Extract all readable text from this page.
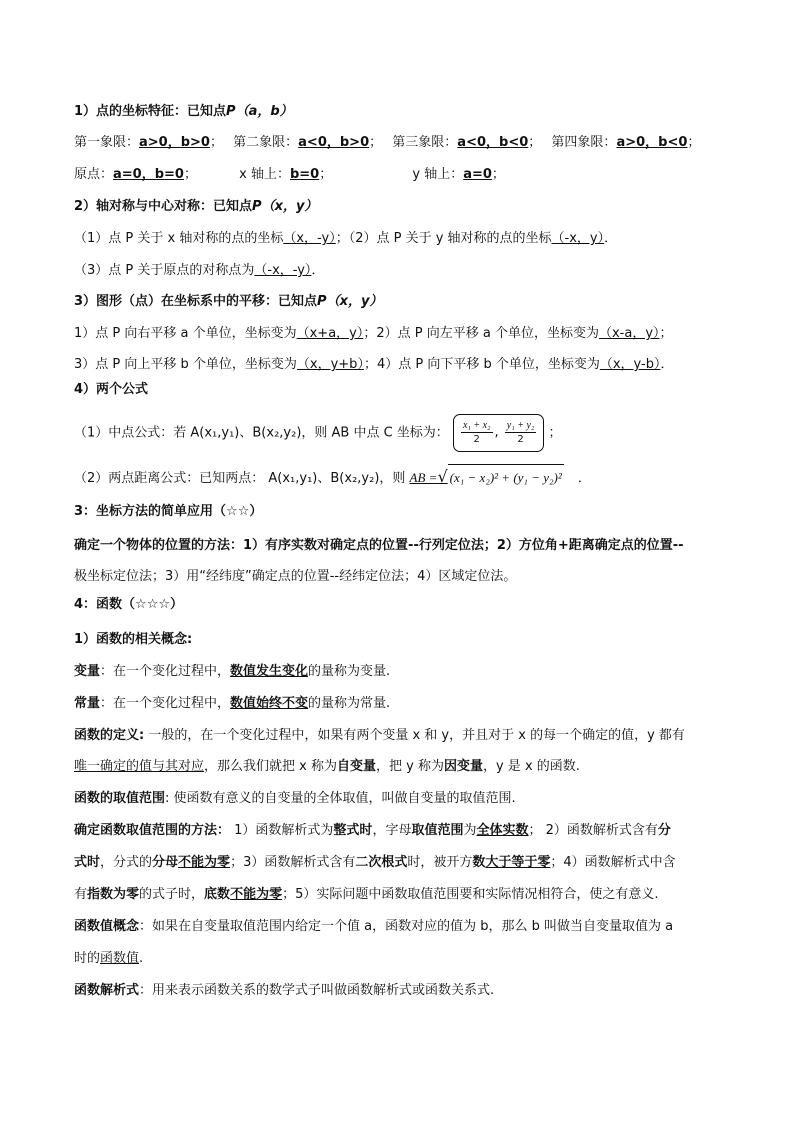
1）点的坐标特征：已知点P（a，b）
第一象限：a>0，b>0； 第二象限：a<0，b>0； 第三象限：a<0，b<0； 第四象限：a>0，b<0；
原点：a=0，b=0；	x 轴上：b=0；	y 轴上：a=0；
2）轴对称与中心对称：已知点P（x，y）
（1）点 P 关于 x 轴对称的点的坐标（x，-y）；（2）点 P 关于 y 轴对称的点的坐标（-x，y）．
（3）点 P 关于原点的对称点为（-x，-y）．
3）图形（点）在坐标系中的平移：已知点P（x，y）
1）点 P 向右平移 a 个单位，坐标变为（x+a，y）；2）点 P 向左平移 a 个单位，坐标变为（x-a，y）；
3）点 P 向上平移 b 个单位，坐标变为（x，y+b）；4）点 P 向下平移 b 个单位，坐标变为（x，y-b）．
4）两个公式
（1）中点公式：若 A(x₁,y₁)、B(x₂,y₂)，则 AB 中点 C 坐标为： $\frac{\text{x₁ + x₂}}{2}$ , $\frac{\text{y₁ + y₂}}{2}$ ；
（2）两点距离公式：已知两点： A(x₁,y₁)、B(x₂,y₂)，则 AB =√ (x₁ − x₂)² + (y₁ − y₂)² ．
3：坐标方法的简单应用（☆☆）
确定一个物体的位置的方法：1）有序实数对确定点的位置--行列定位法；2）方位角+距离确定点的位置--
极坐标定位法；3）用“经纬度”确定点的位置--经纬定位法；4）区域定位法。
4：函数（☆☆☆）
1）函数的相关概念:
变量：在一个变化过程中，数值发生变化的量称为变量.
常量：在一个变化过程中，数值始终不变的量称为常量.
函数的定义: 一般的，在一个变化过程中，如果有两个变量 x 和 y，并且对于 x 的每一个确定的值，y 都有
唯一确定的值与其对应，那么我们就把 x 称为自变量，把 y 称为因变量，y 是 x 的函数.
函数的取值范围: 使函数有意义的自变量的全体取值，叫做自变量的取值范围.
确定函数取值范围的方法： 1）函数解析式为整式时，字母取值范围为全体实数； 2）函数解析式含有分
式时，分式的分母不能为零；3）函数解析式含有二次根式时，被开方数大于等于零；4）函数解析式中含
有指数为零的式子时，底数不能为零；5）实际问题中函数取值范围要和实际情况相符合，使之有意义.
函数值概念：如果在自变量取值范围内给定一个值 a，函数对应的值为 b，那么 b 叫做当自变量取值为 a
时的函数值.
函数解析式：用来表示函数关系的数学式子叫做函数解析式或函数关系式.
